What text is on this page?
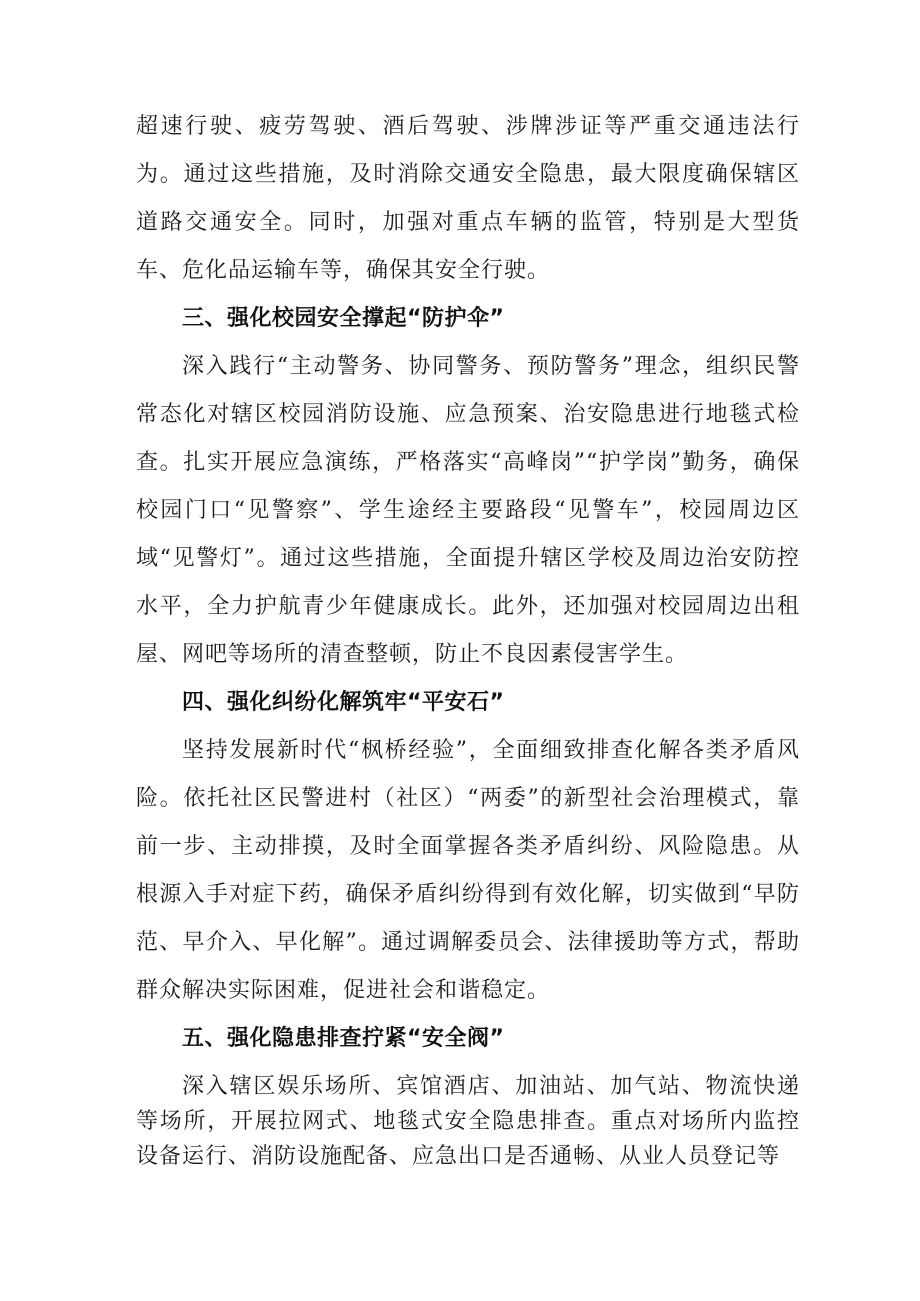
超速行驶、疲劳驾驶、酒后驾驶、涉牌涉证等严重交通违法行为。通过这些措施，及时消除交通安全隐患，最大限度确保辖区道路交通安全。同时，加强对重点车辆的监管，特别是大型货车、危化品运输车等，确保其安全行驶。

三、强化校园安全撑起“防护伞”

深入践行“主动警务、协同警务、预防警务”理念，组织民警常态化对辖区校园消防设施、应急预案、治安隐患进行地毯式检查。扎实开展应急演练，严格落实“高峰岗”“护学岗”勤务，确保校园门口“见警察”、学生途经主要路段“见警车”，校园周边区域“见警灯”。通过这些措施，全面提升辖区学校及周边治安防控水平，全力护航青少年健康成长。此外，还加强对校园周边出租屋、网吧等场所的清查整顿，防止不良因素侵害学生。

四、强化纠纷化解筑牢“平安石”

坚持发展新时代“枫桥经验”，全面细致排查化解各类矛盾风险。依托社区民警进村（社区）“两委”的新型社会治理模式，靠前一步、主动排摸，及时全面掌握各类矛盾纠纷、风险隐患。从根源入手对症下药，确保矛盾纠纷得到有效化解，切实做到“早防范、早介入、早化解”。通过调解委员会、法律援助等方式，帮助群众解决实际困难，促进社会和谐稳定。

五、强化隐患排查拧紧“安全阀”

深入辖区娱乐场所、宾馆酒店、加油站、加气站、物流快递等场所，开展拉网式、地毯式安全隐患排查。重点对场所内监控设备运行、消防设施配备、应急出口是否通畅、从业人员登记等
